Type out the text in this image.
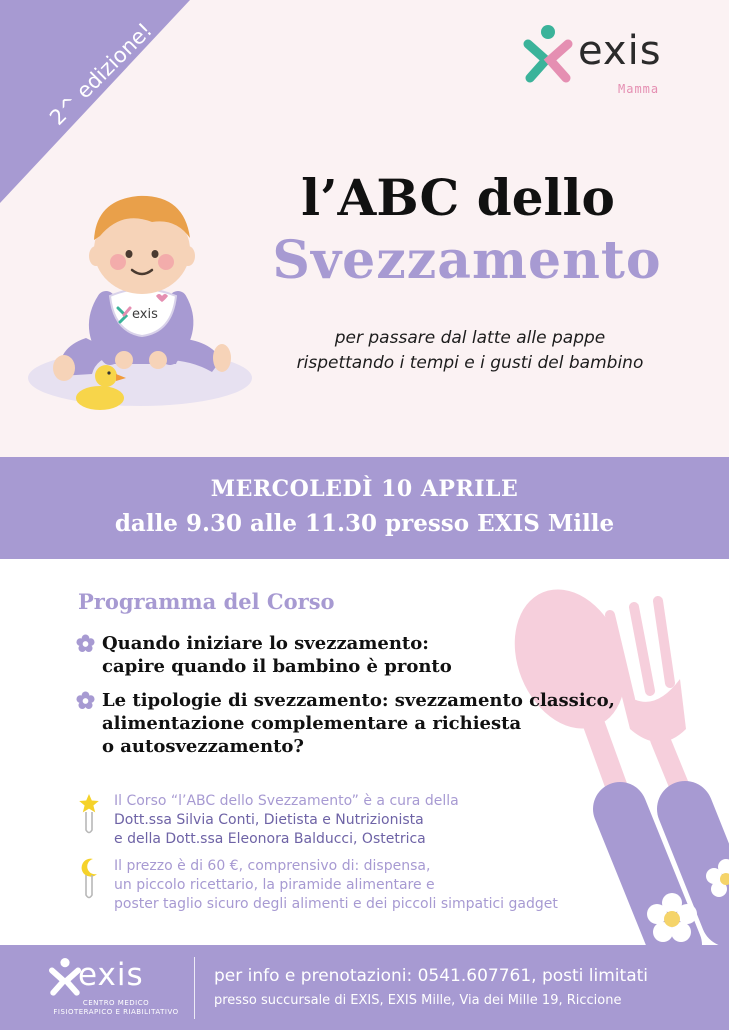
2^ edizione!	exis
Mamma
exis
l’ABC dello
Svezzamento
per passare dal latte alle pappe
rispettando i tempi e i gusti del bambino
MERCOLEDÌ 10 APRILE
dalle 9.30 alle 11.30 presso EXIS Mille
Programma del Corso
Quando iniziare lo svezzamento:
capire quando il bambino è pronto
Le tipologie di svezzamento: svezzamento classico,
alimentazione complementare a richiesta
o autosvezzamento?
Il Corso “l’ABC dello Svezzamento” è a cura della
Dott.ssa Silvia Conti, Dietista e Nutrizionista
e della Dott.ssa Eleonora Balducci, Ostetrica
Il prezzo è di 60 €, comprensivo di: dispensa,
un piccolo ricettario, la piramide alimentare e
poster taglio sicuro degli alimenti e dei piccoli simpatici gadget
exis
CENTRO MEDICO
FISIOTERAPICO E RIABILITATIVO
per info e prenotazioni: 0541.607761, posti limitati
presso succursale di EXIS, EXIS Mille, Via dei Mille 19, Riccione
